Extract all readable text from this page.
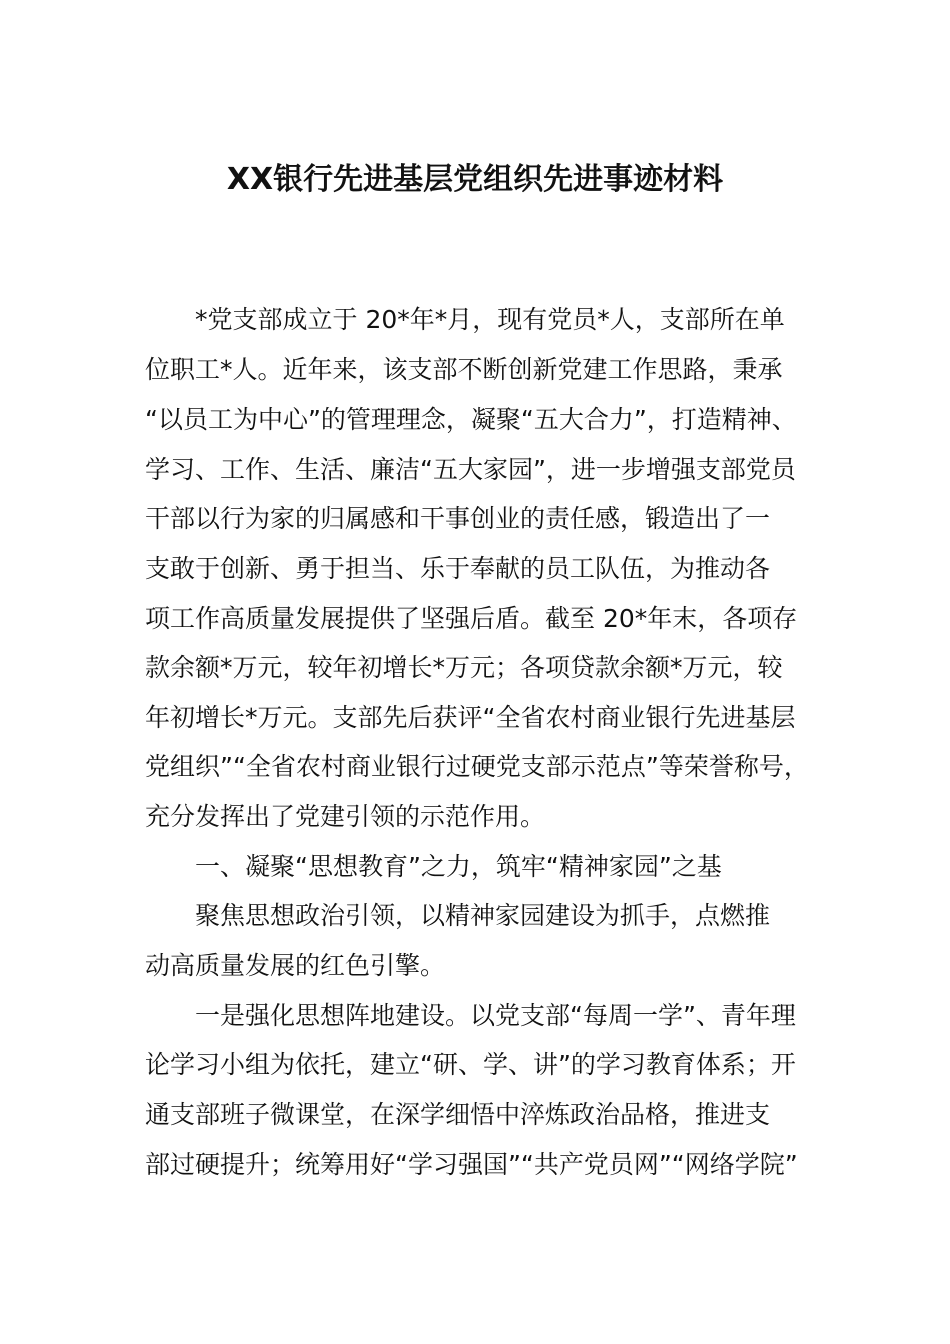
XX银行先进基层党组织先进事迹材料
*党支部成立于 20*年*月，现有党员*人，支部所在单
位职工*人。近年来，该支部不断创新党建工作思路，秉承
“以员工为中心”的管理理念，凝聚“五大合力”，打造精神、
学习、工作、生活、廉洁“五大家园”，进一步增强支部党员
干部以行为家的归属感和干事创业的责任感，锻造出了一
支敢于创新、勇于担当、乐于奉献的员工队伍，为推动各
项工作高质量发展提供了坚强后盾。截至 20*年末，各项存
款余额*万元，较年初增长*万元；各项贷款余额*万元，较
年初增长*万元。支部先后获评“全省农村商业银行先进基层
党组织”“全省农村商业银行过硬党支部示范点”等荣誉称号，
充分发挥出了党建引领的示范作用。
一、凝聚“思想教育”之力，筑牢“精神家园”之基
聚焦思想政治引领，以精神家园建设为抓手，点燃推
动高质量发展的红色引擎。
一是强化思想阵地建设。以党支部“每周一学”、青年理
论学习小组为依托，建立“研、学、讲”的学习教育体系；开
通支部班子微课堂，在深学细悟中淬炼政治品格，推进支
部过硬提升；统筹用好“学习强国”“共产党员网”“网络学院”
